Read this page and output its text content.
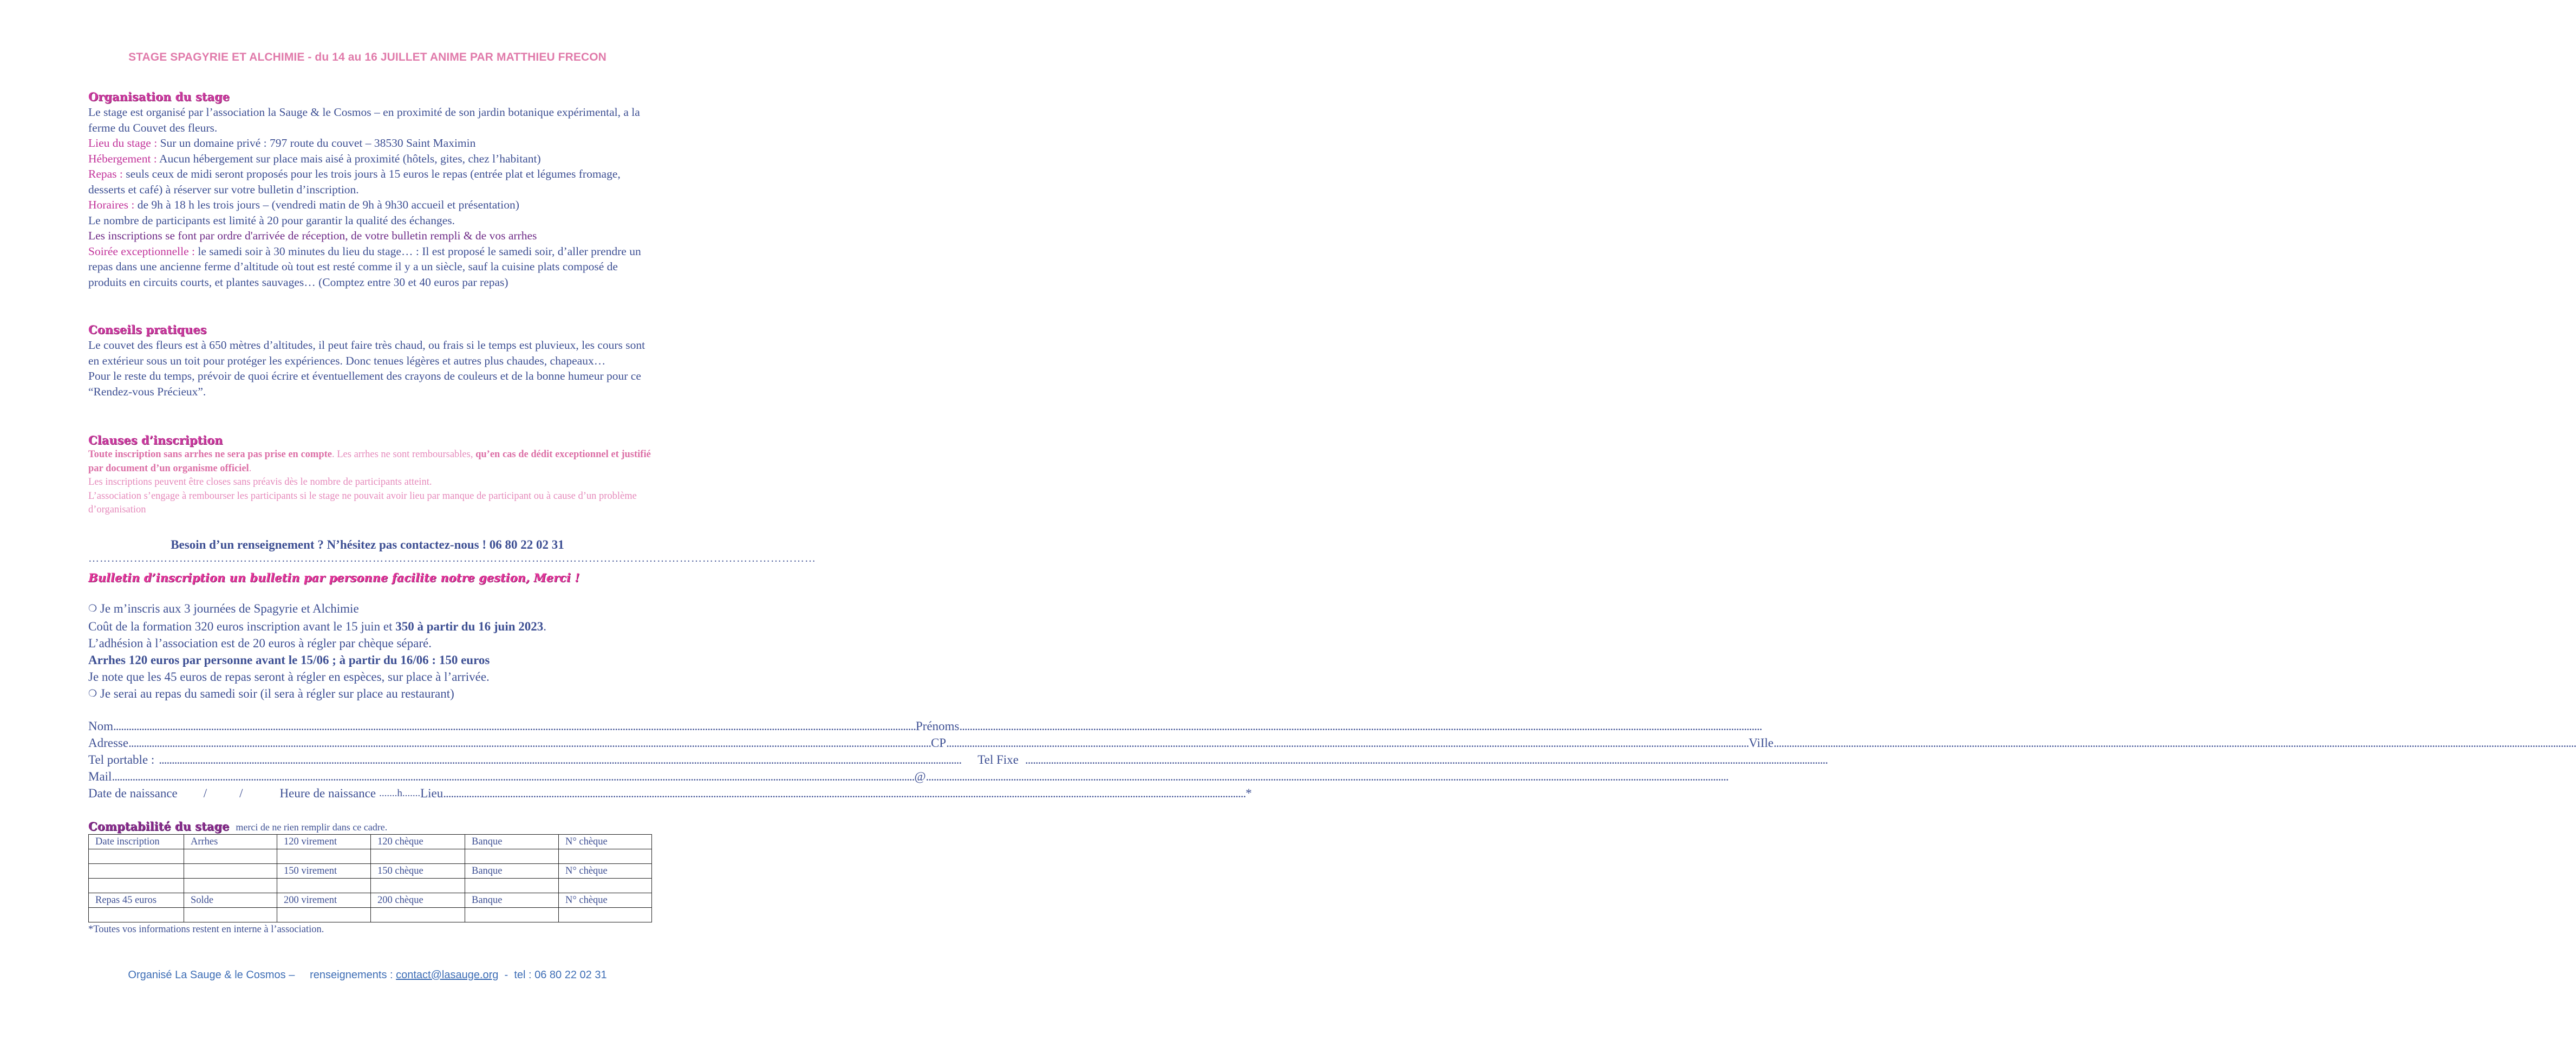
STAGE SPAGYRIE ET ALCHIMIE - du 14 au 16 JUILLET ANIME PAR MATTHIEU FRECON
Organisation du stage
Le stage est organisé par l’association la Sauge & le Cosmos – en proximité de son jardin botanique expérimental, a la ferme du Couvet des fleurs.
Lieu du stage : Sur un domaine privé : 797 route du couvet – 38530 Saint Maximin
Hébergement : Aucun hébergement sur place mais aisé à proximité (hôtels, gites, chez l’habitant)
Repas : seuls ceux de midi seront proposés pour les trois jours à 15 euros le repas (entrée plat et légumes fromage, desserts et café) à réserver sur votre bulletin d’inscription.
Horaires : de 9h à 18 h les trois jours – (vendredi matin de 9h à 9h30 accueil et présentation)
Le nombre de participants est limité à 20 pour garantir la qualité des échanges.
Les inscriptions se font par ordre d'arrivée de réception, de votre bulletin rempli & de vos arrhes
Soirée exceptionnelle : le samedi soir à 30 minutes du lieu du stage… : Il est proposé le samedi soir, d’aller prendre un repas dans une ancienne ferme d’altitude où tout est resté comme il y a un siècle, sauf la cuisine plats composé de produits en circuits courts, et plantes sauvages… (Comptez entre 30 et 40 euros par repas)
Conseils pratiques
Le couvet des fleurs est à 650 mètres d’altitudes, il peut faire très chaud, ou frais si le temps est pluvieux, les cours sont en extérieur sous un toit pour protéger les expériences. Donc tenues légères et autres plus chaudes, chapeaux…
Pour le reste du temps, prévoir de quoi écrire et éventuellement des crayons de couleurs et de la bonne humeur pour ce “Rendez-vous Précieux”.
Clauses d’inscription
Toute inscription sans arrhes ne sera pas prise en compte. Les arrhes ne sont remboursables, qu’en cas de dédit exceptionnel et justifié par document d’un organisme officiel.
Les inscriptions peuvent être closes sans préavis dès le nombre de participants atteint.
L’association s’engage à rembourser les participants si le stage ne pouvait avoir lieu par manque de participant ou à cause d’un problème d’organisation
Besoin d’un renseignement ? N’hésitez pas contactez-nous ! 06 80 22 02 31
…………………………………………………………………………………………………………………………………………………………………………
Bulletin d’inscription un bulletin par personne facilite notre gestion, Merci !
❍ Je m’inscris aux 3 journées de Spagyrie et Alchimie
Coût de la formation 320 euros inscription avant le 15 juin et 350 à partir du 16 juin 2023.
L’adhésion à l’association est de 20 euros à régler par chèque séparé.
Arrhes 120 euros par personne avant le 15/06 ; à partir du 16/06 : 150 euros
Je note que les 45 euros de repas seront à régler en espèces, sur place à l’arrivée.
❍ Je serai au repas du samedi soir (il sera à régler sur place au restaurant)
Nom .....	Prénoms
.....
Adresse .....	CP .....	ViIle
.....
Tel portable : .....	Tel Fixe
.....
Mail .....	@
.....
Date de naissance /	/	Heure de naissance .......h....... Lieu .....	*
Comptabilité du stage merci de ne rien remplir dans ce cadre.
Date inscription	Arrhes	120 virement	120 chèque	Banque	N° chèque

		150 virement	150 chèque	Banque	N° chèque

Repas 45 euros	Solde	200 virement	200 chèque	Banque	N° chèque

*Toutes vos informations restent en interne à l’association.
Organisé La Sauge & le Cosmos –     renseignements : contact@lasauge.org  -  tel : 06 80 22 02 31
